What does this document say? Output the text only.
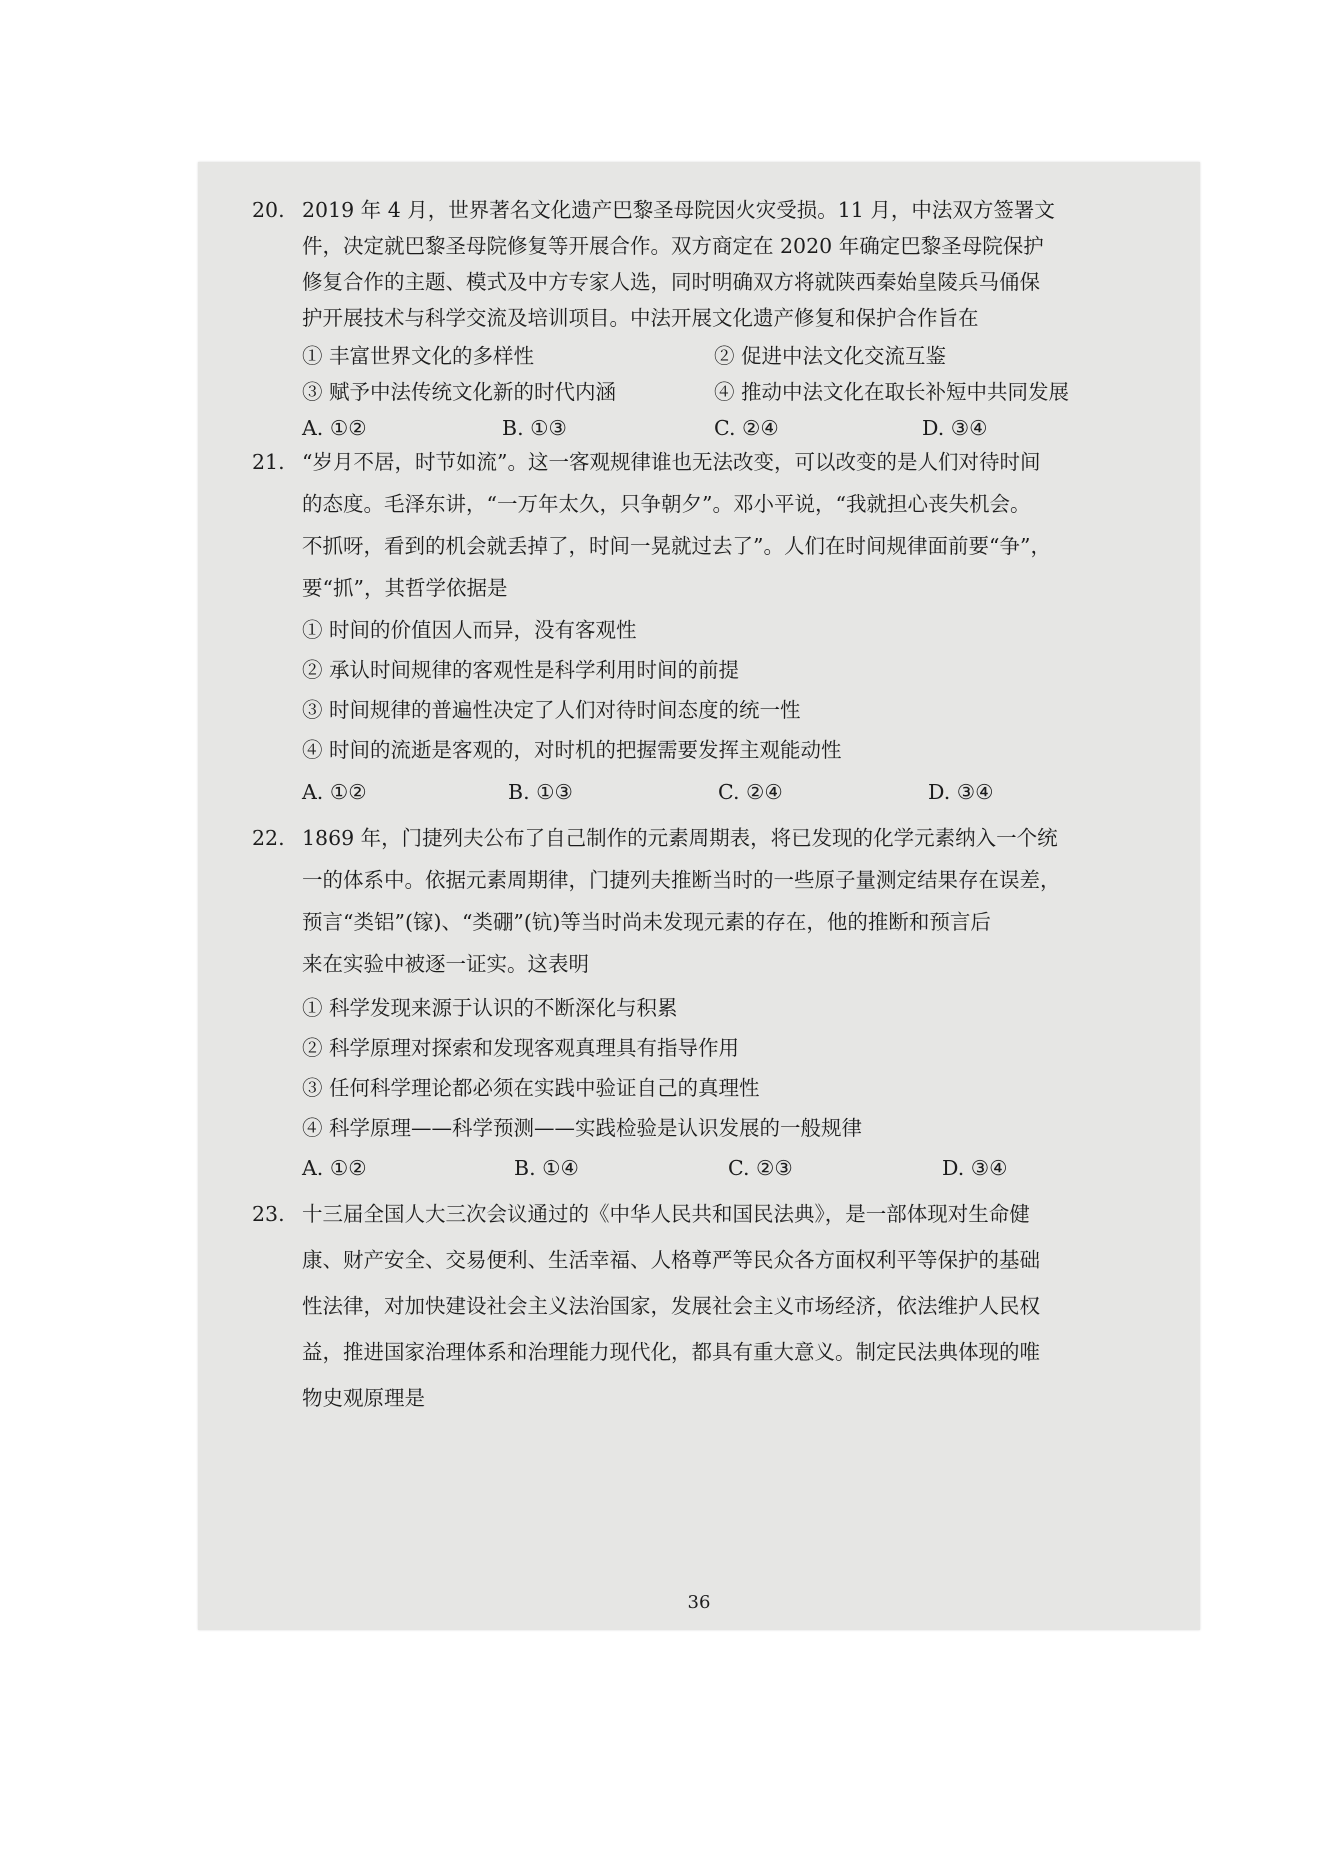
20. 2019 年 4 月，世界著名文化遗产巴黎圣母院因火灾受损。11 月，中法双方签署文
件，决定就巴黎圣母院修复等开展合作。双方商定在 2020 年确定巴黎圣母院保护
修复合作的主题、模式及中方专家人选，同时明确双方将就陕西秦始皇陵兵马俑保
护开展技术与科学交流及培训项目。中法开展文化遗产修复和保护合作旨在
① 丰富世界文化的多样性	② 促进中法文化交流互鉴
③ 赋予中法传统文化新的时代内涵	④ 推动中法文化在取长补短中共同发展
A. ①②	B. ①③	C. ②④	D. ③④
21. “岁月不居，时节如流”。这一客观规律谁也无法改变，可以改变的是人们对待时间
的态度。毛泽东讲，“一万年太久，只争朝夕”。邓小平说，“我就担心丧失机会。
不抓呀，看到的机会就丢掉了，时间一晃就过去了”。人们在时间规律面前要“争”，
要“抓”，其哲学依据是
① 时间的价值因人而异，没有客观性
② 承认时间规律的客观性是科学利用时间的前提
③ 时间规律的普遍性决定了人们对待时间态度的统一性
④ 时间的流逝是客观的，对时机的把握需要发挥主观能动性
A. ①②	B. ①③	C. ②④	D. ③④
22. 1869 年，门捷列夫公布了自己制作的元素周期表，将已发现的化学元素纳入一个统
一的体系中。依据元素周期律，门捷列夫推断当时的一些原子量测定结果存在误差，
预言“类铝”(镓)、“类硼”(钪)等当时尚未发现元素的存在，他的推断和预言后
来在实验中被逐一证实。这表明
① 科学发现来源于认识的不断深化与积累
② 科学原理对探索和发现客观真理具有指导作用
③ 任何科学理论都必须在实践中验证自己的真理性
④ 科学原理——科学预测——实践检验是认识发展的一般规律
A. ①②	B. ①④	C. ②③	D. ③④
23. 十三届全国人大三次会议通过的《中华人民共和国民法典》，是一部体现对生命健
康、财产安全、交易便利、生活幸福、人格尊严等民众各方面权利平等保护的基础
性法律，对加快建设社会主义法治国家，发展社会主义市场经济，依法维护人民权
益，推进国家治理体系和治理能力现代化，都具有重大意义。制定民法典体现的唯
物史观原理是
36
